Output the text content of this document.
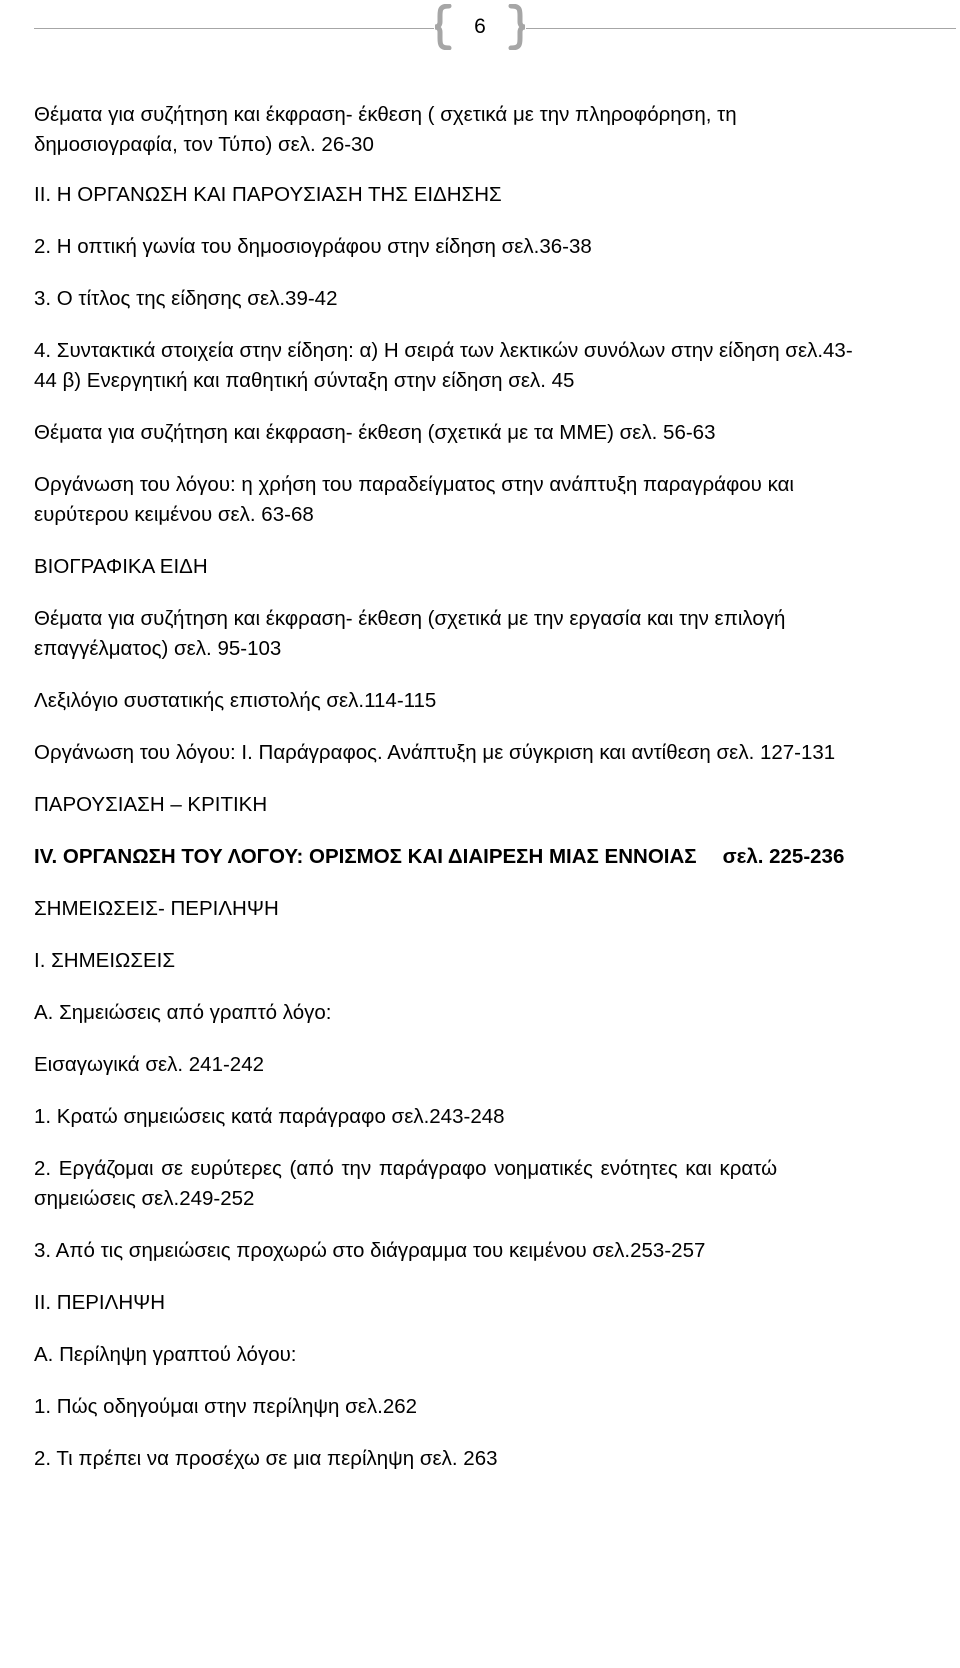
6
Θέματα για συζήτηση και έκφραση- έκθεση ( σχετικά με την πληροφόρηση, τη
δημοσιογραφία, τον Τύπο) σελ. 26-30
ΙΙ. Η ΟΡΓΑΝΩΣΗ ΚΑΙ ΠΑΡΟΥΣΙΑΣΗ ΤΗΣ ΕΙΔΗΣΗΣ
2. Η οπτική γωνία του δημοσιογράφου στην είδηση σελ.36-38
3. Ο τίτλος της είδησης σελ.39-42
4. Συντακτικά στοιχεία στην είδηση: α) Η σειρά των λεκτικών συνόλων στην είδηση σελ.43-
44 β) Ενεργητική και παθητική σύνταξη στην είδηση σελ. 45
Θέματα για συζήτηση και έκφραση- έκθεση (σχετικά με τα ΜΜΕ) σελ. 56-63
Οργάνωση του λόγου: η χρήση του παραδείγματος στην ανάπτυξη παραγράφου και
ευρύτερου κειμένου σελ. 63-68
ΒΙΟΓΡΑΦΙΚΑ ΕΙΔΗ
Θέματα για συζήτηση και έκφραση- έκθεση (σχετικά με την εργασία και την επιλογή
επαγγέλματος) σελ. 95-103
Λεξιλόγιο συστατικής επιστολής σελ.114-115
Οργάνωση του λόγου: Ι. Παράγραφος. Ανάπτυξη με σύγκριση και αντίθεση σελ. 127-131
ΠΑΡΟΥΣΙΑΣΗ – ΚΡΙΤΙΚΗ
IV. ΟΡΓΑΝΩΣΗ ΤΟΥ ΛΟΓΟΥ: ΟΡΙΣΜΟΣ ΚΑΙ ΔΙΑΙΡΕΣΗ ΜΙΑΣ ΕΝΝΟΙΑΣ σελ. 225-236
ΣΗΜΕΙΩΣΕΙΣ- ΠΕΡΙΛΗΨΗ
Ι. ΣΗΜΕΙΩΣΕΙΣ
Α. Σημειώσεις από γραπτό λόγο:
Εισαγωγικά σελ. 241-242
1. Κρατώ σημειώσεις κατά παράγραφο σελ.243-248
2. Εργάζομαι σε ευρύτερες (από την παράγραφο νοηματικές ενότητες και κρατώ
σημειώσεις σελ.249-252
3. Από τις σημειώσεις προχωρώ στο διάγραμμα του κειμένου σελ.253-257
ΙΙ. ΠΕΡΙΛΗΨΗ
Α. Περίληψη γραπτού λόγου:
1. Πώς οδηγούμαι στην περίληψη σελ.262
2. Τι πρέπει να προσέχω σε μια περίληψη σελ. 263
